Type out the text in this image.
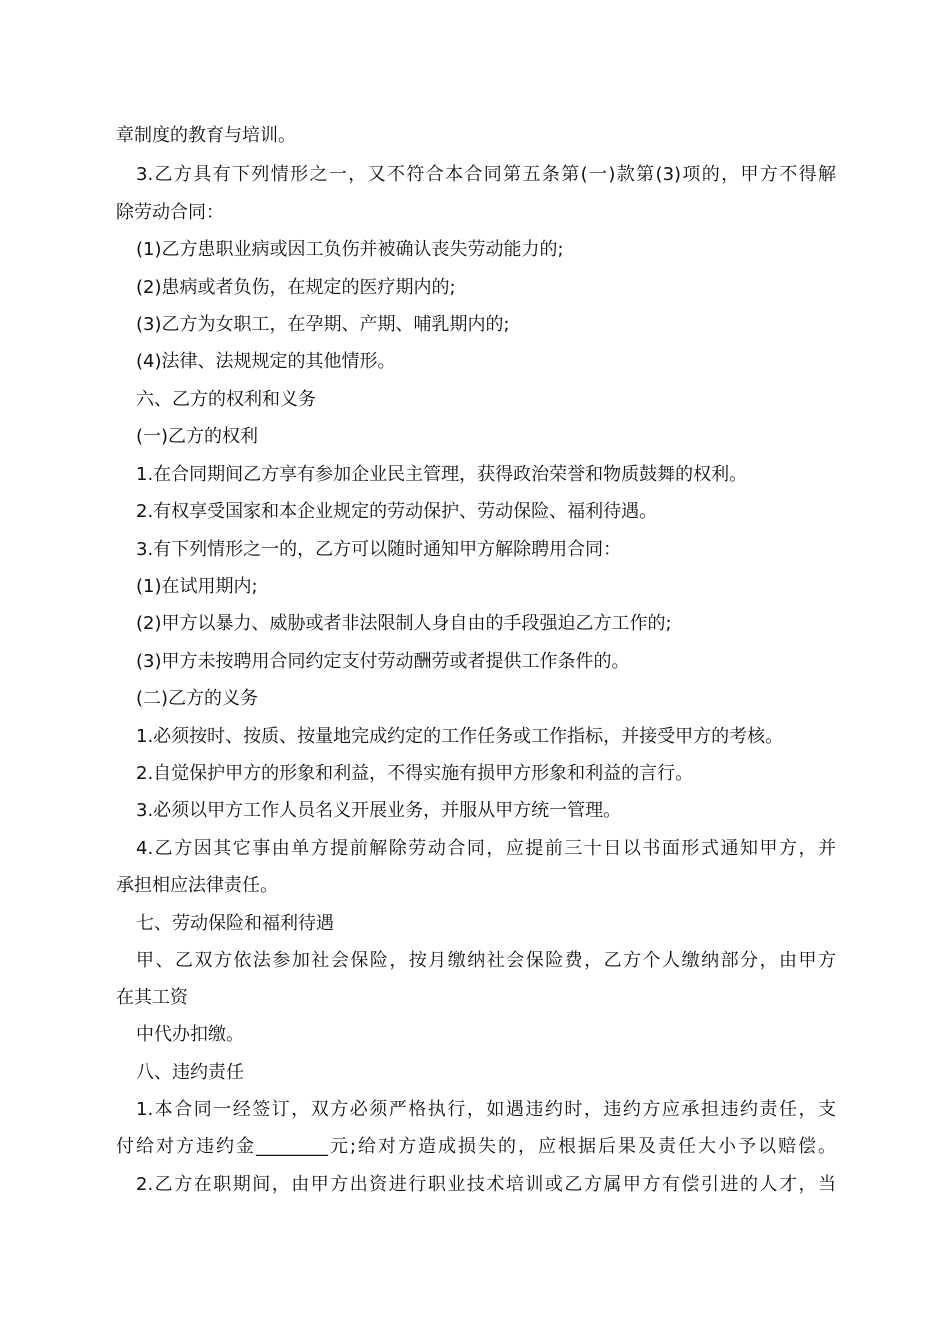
章制度的教育与培训。
3.乙方具有下列情形之一，又不符合本合同第五条第(一)款第(3)项的，甲方不得解
除劳动合同：
(1)乙方患职业病或因工负伤并被确认丧失劳动能力的;
(2)患病或者负伤，在规定的医疗期内的;
(3)乙方为女职工，在孕期、产期、哺乳期内的;
(4)法律、法规规定的其他情形。
六、乙方的权利和义务
(一)乙方的权利
1.在合同期间乙方享有参加企业民主管理，获得政治荣誉和物质鼓舞的权利。
2.有权享受国家和本企业规定的劳动保护、劳动保险、福利待遇。
3.有下列情形之一的，乙方可以随时通知甲方解除聘用合同：
(1)在试用期内;
(2)甲方以暴力、威胁或者非法限制人身自由的手段强迫乙方工作的;
(3)甲方未按聘用合同约定支付劳动酬劳或者提供工作条件的。
(二)乙方的义务
1.必须按时、按质、按量地完成约定的工作任务或工作指标，并接受甲方的考核。
2.自觉保护甲方的形象和利益，不得实施有损甲方形象和利益的言行。
3.必须以甲方工作人员名义开展业务，并服从甲方统一管理。
4.乙方因其它事由单方提前解除劳动合同，应提前三十日以书面形式通知甲方，并
承担相应法律责任。
七、劳动保险和福利待遇
甲、乙双方依法参加社会保险，按月缴纳社会保险费，乙方个人缴纳部分，由甲方
在其工资
中代办扣缴。
八、违约责任
1.本合同一经签订，双方必须严格执行，如遇违约时，违约方应承担违约责任，支
付给对方违约金________元;给对方造成损失的，应根据后果及责任大小予以赔偿。
2.乙方在职期间，由甲方出资进行职业技术培训或乙方属甲方有偿引进的人才，当
